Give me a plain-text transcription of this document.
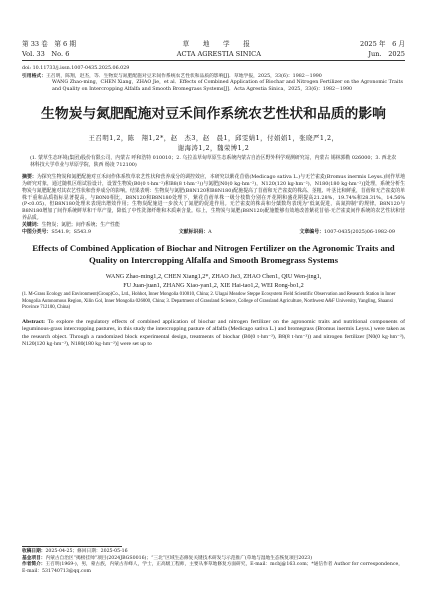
第 33 卷　第 6 期	草　地　学　报	2025 年　6 月
Vol. 33　No. 6	ACTA AGRESTIA SINICA	Jun.　2025
doi: 10.11733/j.issn.1007-0435.2025.06.029
引用格式：王召明，陈翔，赵杰，等．生物炭与氮肥配施对豆禾间作系统农艺性状和品质的影响[J]．草地学报，2025，33(6)：1982－1990
WANG Zhao-ming，CHEN Xiang，ZHAO Jie，et al．Effects of Combined Application of Biochar and Nitrogen Fertilizer on the Agronomic Traits and Quality on Intercropping Alfalfa and Smooth Bromegrass Systems[J]．Acta Agrestia Sinica，2025，33(6)：1982－1990
生物炭与氮肥配施对豆禾间作系统农艺性状和品质的影响
王召明1,2，陈　翔1,2*，赵　杰3，赵　晨1，邱雯婧1，付娟娟1，张晓严1,2，
谢海涛1,2，魏荣博1,2
(1. 蒙草生态环境(集团)股份有限公司，内蒙古 呼和浩特 010010；2. 乌拉盖草甸草原生态系统内蒙古自治区野外科学观测研究站，内蒙古 锡林郭勒 026000；3. 西北农林科技大学草业与草原学院，陕西 杨凌 712100)

摘要：为探究生物炭和氮肥配施对豆禾间作体系牧草农艺性状和营养成分的调控效应，本研究以紫花苜蓿(Medicago sativa L.)与无芒雀麦(Bromus inermis Leyss.)间作草地为研究对象，通过随机区组试验设计，设置生物炭(B0(0 t·hm⁻²)和B8(8 t·hm⁻²))与氮肥[N0(0 kg·hm⁻²)，N120(120 kg·hm⁻²)，N180(180 kg·hm⁻²)]处理，系统分析生物炭与氮肥配施对其农艺性状和营养成分的影响。结果表明：生物炭与氮肥(B8N120和B8N180)配施提高了苜蓿和无芒雀麦的株高、茎粗、叶茎比和鲜重，苜蓿和无芒雀麦的单株干重和品质指标显著提高。与B0N0相比，B8N120和B8N180处理下，紫花苜蓿单株一级分枝数分别在开花期和盛花期提高21.28%，19.74%和28.31%，14.56%(P<0.05)，但B8N180处理未表现出增效作用；生物炭配施进一步放大了氮肥的促进作用。无芒雀麦的株高和分蘖数均表现为“低氮促进，高氮抑制”的规律。B8N120与B8N180增加了间作系统鲜草和干草产量，降低了中性洗涤纤维和木质素含量。综上，生物炭与氮肥(B8N120)配施能够有效地改善紫花苜蓿-无芒雀麦间作系统的农艺性状和营养品质。

关键词：生物炭；氮肥；间作系统；生产性能

中图分类号：S541.9；S543.9	文献标识码：A	文章编号：1007-0435(2025)06-1982-09
Effects of Combined Application of Biochar and Nitrogen Fertilizer on the Agronomic Traits and Quality on Intercropping Alfalfa and Smooth Bromegrass Systems
WANG Zhao-ming1,2, CHEN Xiang1,2*, ZHAO Jie3, ZHAO Chen1, QIU Wen-jing1,
FU Juan-juan1, ZHANG Xiao-yan1,2, XIE Hai-tao1,2, WEI Rong-bo1,2
(1. M-Grass Ecology and Environment(Group)Co., Ltd., Hohhot, Inner Mongolia 010010, China; 2. Ulagai Meadow Steppe Ecosystem Field Scientific Observation and Research Station in Inner Mongolia Autonomous Region, Xilin Gol, Inner Mongolia 026000, China; 3. Department of Grassland Science, College of Grassland Agriculture, Northwest A&F University, Yangling, Shaanxi Province 712100, China)

Abstract: To explore the regulatory effects of combined application of biochar and nitrogen fertilizer on the agronomic traits and nutritional components of leguminous-grass intercropping pastures, in this study the intercropping pasture of alfalfa (Medicago sativa L.) and bromegrass (Bromus inermis Leyss.) were taken as the research object. Through a randomized block experimental design, treatments of biochar (B0(0 t·hm⁻²), B8(8 t·hm⁻²)) and nitrogen fertilizer [N0(0 kg·hm⁻²), N120(120 kg·hm⁻²), N180(180 kg·hm⁻²)] were set up to

收稿日期：2025-04-25；修回日期：2025-05-16

基金项目：内蒙古自治区“揭榜挂帅”项目(2024JBGS0016)；“三北”区域生态修复关键技术研发与示范推广(草地与湿地生态恢复项目2023)

作者简介：王召明(1969-)，男，蒙古族，内蒙古赤峰人，学士，正高级工程师，主要从事草地修复方面研究，E-mail：mcbj@163.com；*通信作者 Author for correspondence，E-mail：531740713@qq.com
